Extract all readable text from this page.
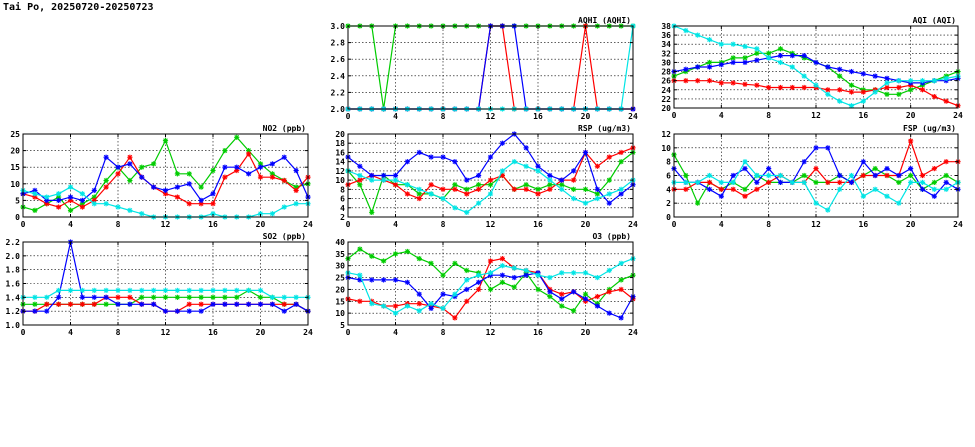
Tai Po, 20250720-20250723
0	4	8	12	16	20	24
2.0
2.2
2.4
2.6
2.8
3.0
AQHI (AQHI)
0	4	8	12	16	20	24
20
22
24
26
28
30
32
34
36
38
AQI (AQI)
0	4	8	12	16	20	24
0
5
10
15
20
25
NO2 (ppb)
0	4	8	12	16	20	24
2
4
6
8
10
12
14
16
18
20
RSP (ug/m3)
0	4	8	12	16	20	24
0
2
4
6
8
10
12
FSP (ug/m3)
0	4	8	12	16	20	24
1.0
1.2
1.4
1.6
1.8
2.0
2.2
SO2 (ppb)
0	4	8	12	16	20	24
5
10
15
20
25
30
35
40
O3 (ppb)
